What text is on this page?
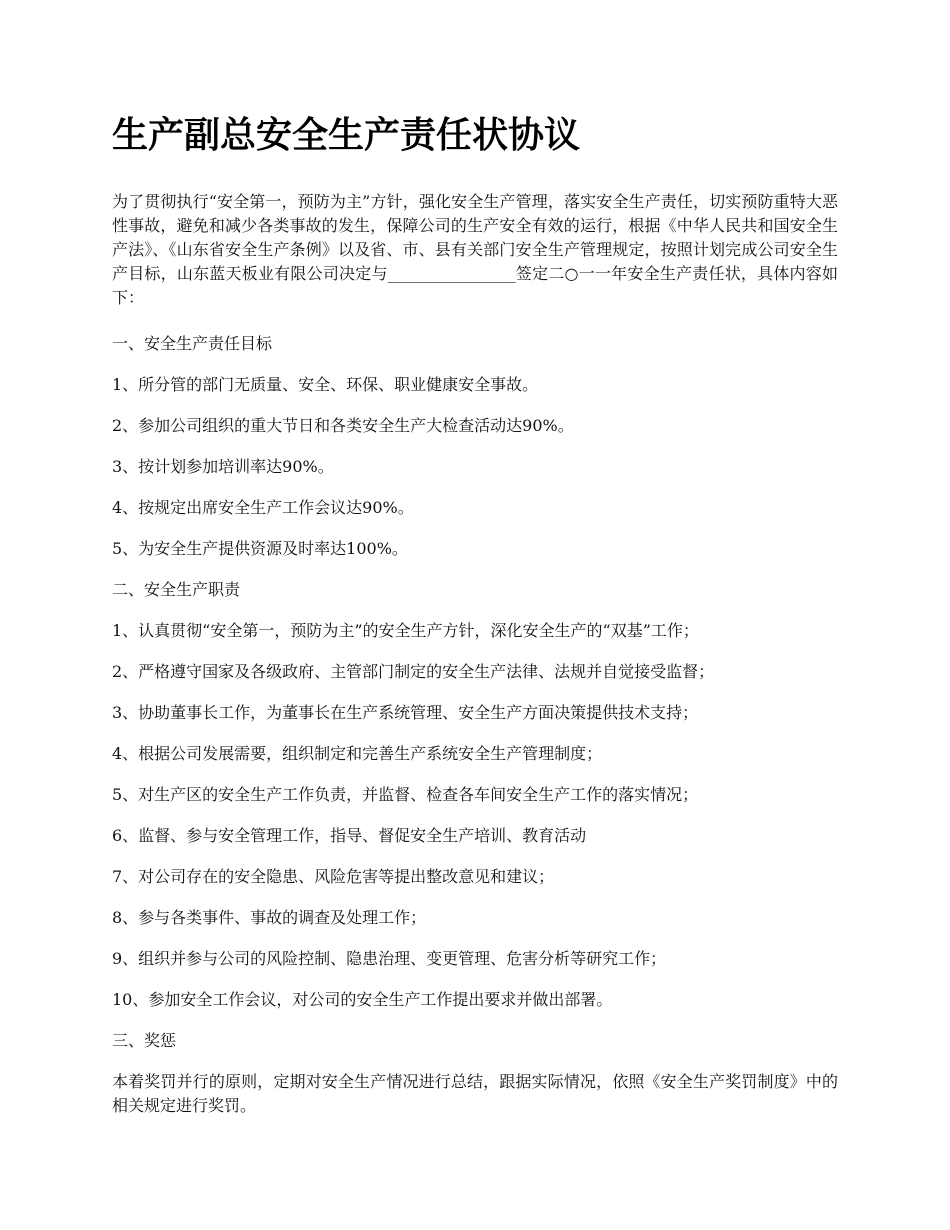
生产副总安全生产责任状协议

为了贯彻执行“安全第一，预防为主”方针，强化安全生产管理，落实安全生产责任，切实预防重特大恶性事故，避免和减少各类事故的发生，保障公司的生产安全有效的运行，根据《中华人民共和国安全生产法》、《山东省安全生产条例》以及省、市、县有关部门安全生产管理规定，按照计划完成公司安全生产目标，山东蓝天板业有限公司决定与________________签定二○一一年安全生产责任状，具体内容如下：

一、安全生产责任目标

1、所分管的部门无质量、安全、环保、职业健康安全事故。

2、参加公司组织的重大节日和各类安全生产大检查活动达90%。

3、按计划参加培训率达90%。

4、按规定出席安全生产工作会议达90%。

5、为安全生产提供资源及时率达100%。

二、安全生产职责

1、认真贯彻“安全第一，预防为主”的安全生产方针，深化安全生产的“双基”工作；

2、严格遵守国家及各级政府、主管部门制定的安全生产法律、法规并自觉接受监督；

3、协助董事长工作，为董事长在生产系统管理、安全生产方面决策提供技术支持；

4、根据公司发展需要，组织制定和完善生产系统安全生产管理制度；

5、对生产区的安全生产工作负责，并监督、检查各车间安全生产工作的落实情况；

6、监督、参与安全管理工作，指导、督促安全生产培训、教育活动

7、对公司存在的安全隐患、风险危害等提出整改意见和建议；

8、参与各类事件、事故的调查及处理工作；

9、组织并参与公司的风险控制、隐患治理、变更管理、危害分析等研究工作；

10、参加安全工作会议，对公司的安全生产工作提出要求并做出部署。

三、奖惩

本着奖罚并行的原则，定期对安全生产情况进行总结，跟据实际情况，依照《安全生产奖罚制度》中的相关规定进行奖罚。
